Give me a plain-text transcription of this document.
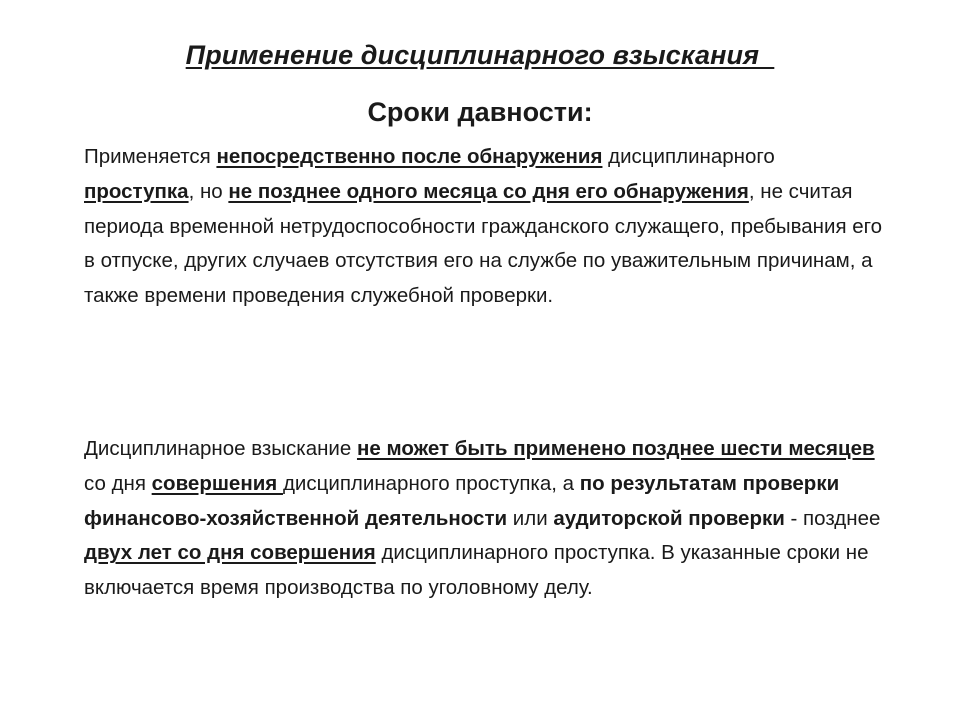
Применение дисциплинарного взыскания
Сроки давности:

Применяется непосредственно после обнаружения дисциплинарного проступка, но не позднее одного месяца со дня его обнаружения, не считая периода временной нетрудоспособности гражданского служащего, пребывания его в отпуске, других случаев отсутствия его на службе по уважительным причинам, а также времени проведения служебной проверки.

Дисциплинарное взыскание не может быть применено позднее шести месяцев со дня совершения дисциплинарного проступка, а по результатам проверки финансово-хозяйственной деятельности или аудиторской проверки - позднее двух лет со дня совершения дисциплинарного проступка. В указанные сроки не включается время производства по уголовному делу.
